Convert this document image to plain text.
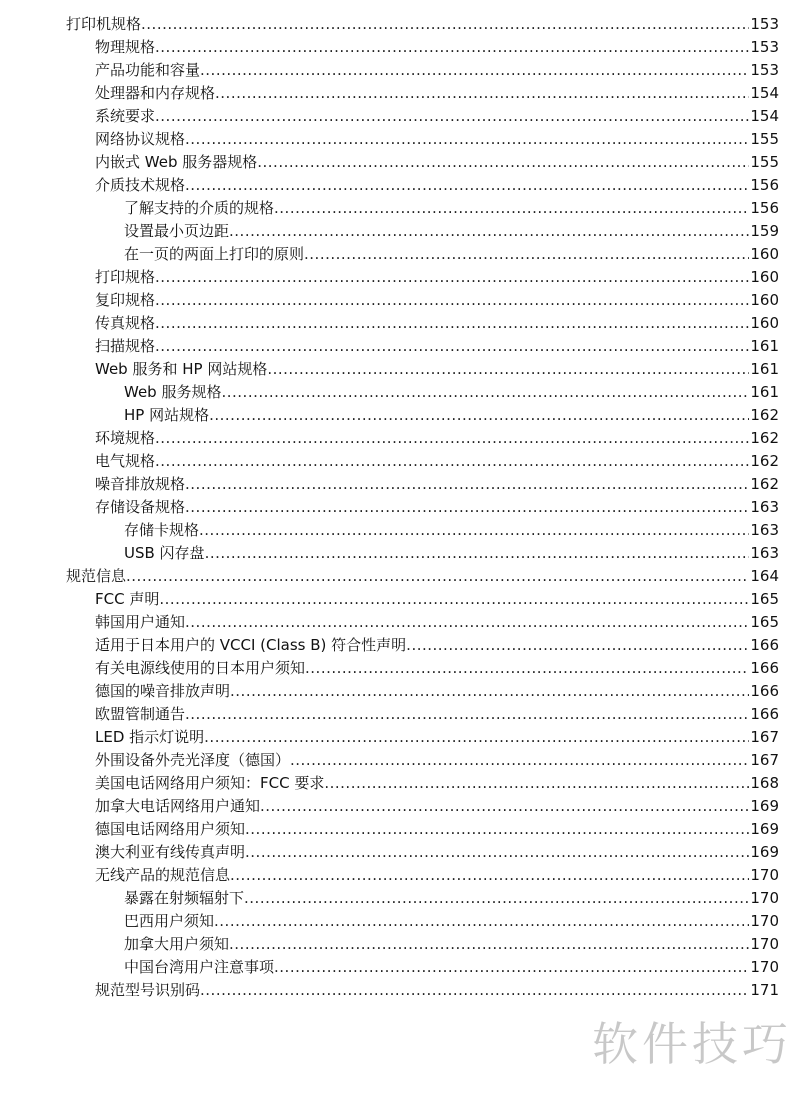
打印机规格 .....	153
物理规格 .....	153
产品功能和容量 .....	153
处理器和内存规格 .....	154
系统要求 .....	154
网络协议规格 .....	155
内嵌式 Web 服务器规格 .....	155
介质技术规格 .....	156
了解支持的介质的规格 .....	156
设置最小页边距 .....	159
在一页的两面上打印的原则 .....	160
打印规格 .....	160
复印规格 .....	160
传真规格 .....	160
扫描规格 .....	161
Web 服务和 HP 网站规格 .....	161
Web 服务规格 .....	161
HP 网站规格 .....	162
环境规格 .....	162
电气规格 .....	162
噪音排放规格 .....	162
存储设备规格 .....	163
存储卡规格 .....	163
USB 闪存盘 .....	163
规范信息 .....	164
FCC 声明 .....	165
韩国用户通知 .....	165
适用于日本用户的 VCCI (Class B) 符合性声明 .....	166
有关电源线使用的日本用户须知 .....	166
德国的噪音排放声明 .....	166
欧盟管制通告 .....	166
LED 指示灯说明 .....	167
外围设备外壳光泽度（德国） .....	167
美国电话网络用户须知：FCC 要求 .....	168
加拿大电话网络用户通知 .....	169
德国电话网络用户须知 .....	169
澳大利亚有线传真声明 .....	169
无线产品的规范信息 .....	170
暴露在射频辐射下 .....	170
巴西用户须知 .....	170
加拿大用户须知 .....	170
中国台湾用户注意事项 .....	170
规范型号识别码 .....	171
软件技巧
